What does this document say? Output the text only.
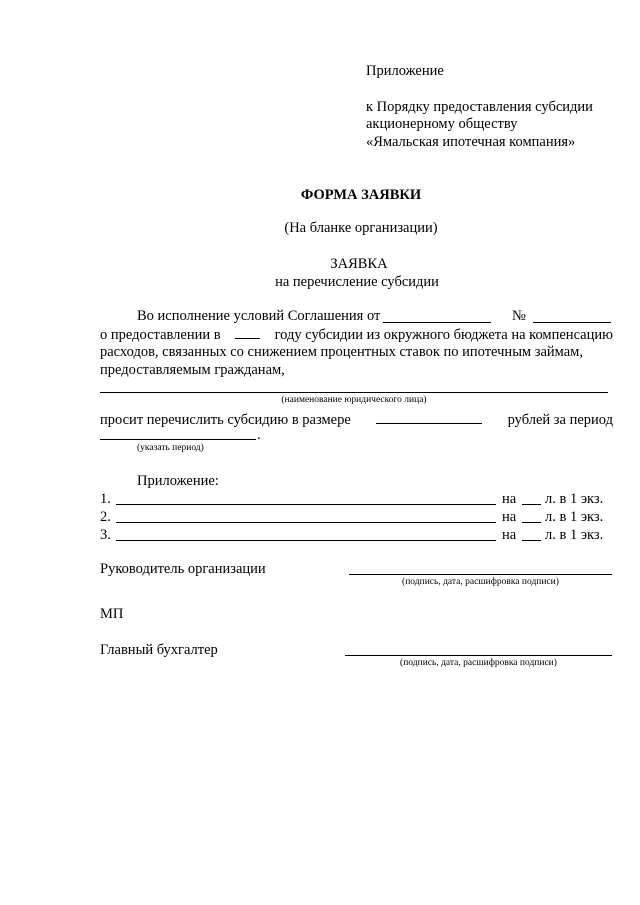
Приложение
к Порядку предоставления субсидии
акционерному обществу
«Ямальская ипотечная компания»
ФОРМА ЗАЯВКИ
(На бланке организации)
ЗАЯВКА
на перечисление субсидии
Во исполнение условий Соглашения от	№
о предоставлении в	году субсидии из окружного бюджета на компенсацию
расходов, связанных со снижением процентных ставок по ипотечным займам,
предоставляемым гражданам,
(наименование юридического лица)
просит перечислить субсидию в размере	рублей за период
.
(указать период)
Приложение:
1.	на л. в 1 экз.
2.	на л. в 1 экз.
3.	на л. в 1 экз.
Руководитель организации
(подпись, дата, расшифровка подписи)
МП
Главный бухгалтер
(подпись, дата, расшифровка подписи)
